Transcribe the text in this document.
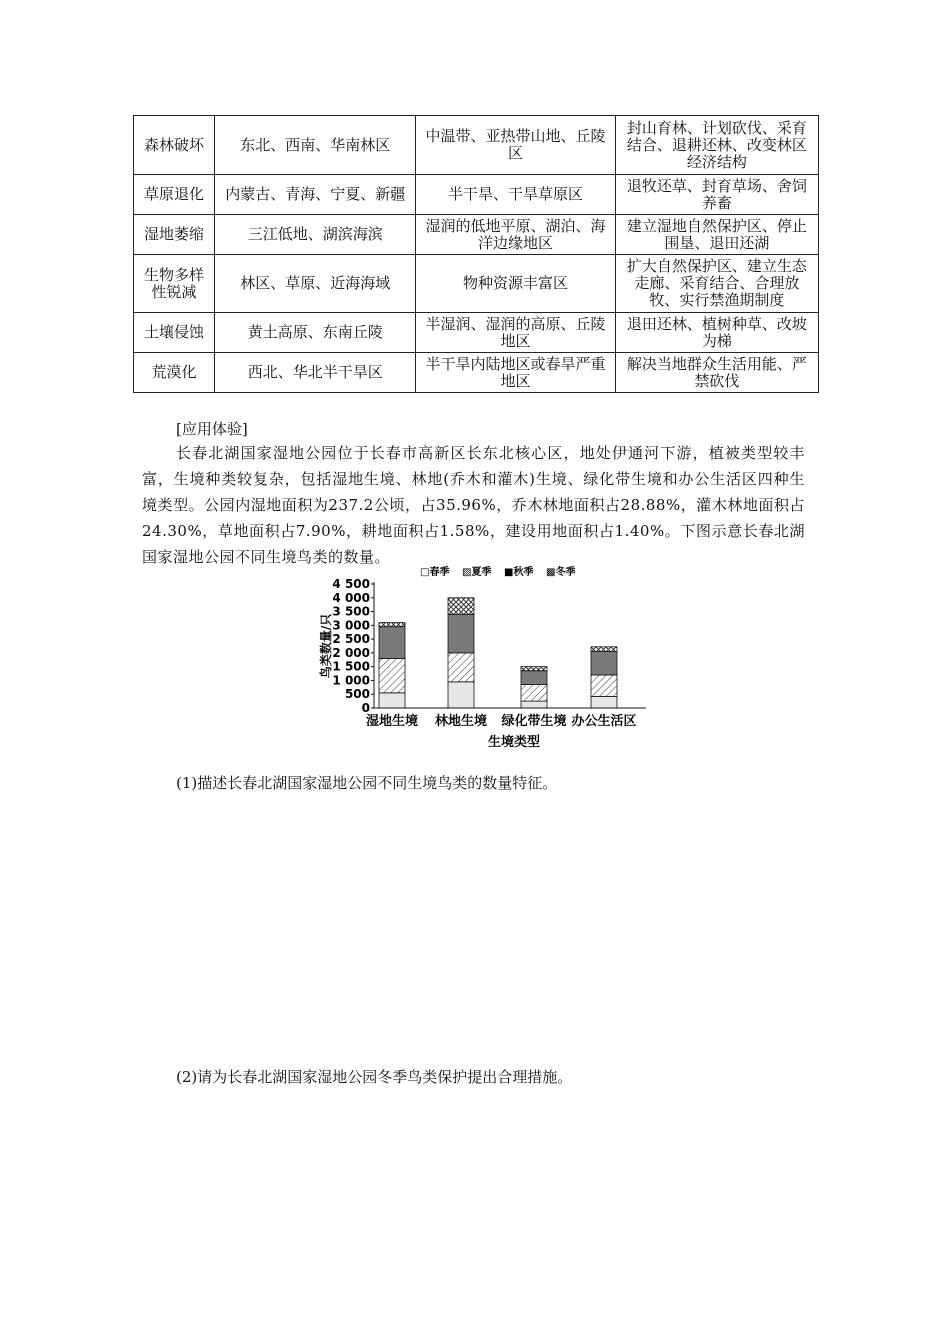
森林破坏	东北、西南、华南林区	中温带、亚热带山地、丘陵区	封山育林、计划砍伐、采育结合、退耕还林、改变林区经济结构
草原退化	内蒙古、青海、宁夏、新疆	半干旱、干旱草原区	退牧还草、封育草场、舍饲养畜
湿地萎缩	三江低地、湖滨海滨	湿润的低地平原、湖泊、海洋边缘地区	建立湿地自然保护区、停止围垦、退田还湖
生物多样性锐减	林区、草原、近海海域	物种资源丰富区	扩大自然保护区、建立生态走廊、采育结合、合理放牧、实行禁渔期制度
土壤侵蚀	黄土高原、东南丘陵	半湿润、湿润的高原、丘陵地区	退田还林、植树种草、改坡为梯
荒漠化	西北、华北半干旱区	半干旱内陆地区或春旱严重地区	解决当地群众生活用能、严禁砍伐
[应用体验]
长春北湖国家湿地公园位于长春市高新区长东北核心区，地处伊通河下游，植被类型较丰富，生境种类较复杂，包括湿地生境、林地(乔木和灌木)生境、绿化带生境和办公生活区四种生境类型。公园内湿地面积为237.2公顷，占35.96%，乔木林地面积占28.88%，灌木林地面积占24.30%，草地面积占7.90%，耕地面积占1.58%，建设用地面积占1.40%。下图示意长春北湖国家湿地公园不同生境鸟类的数量。
□春季 ▨夏季 ■秋季 ▩冬季
0
500
1 000
1 500
2 000
2 500
3 000
3 500
4 000
4 500
湿地生境 林地生境 绿化带生境 办公生活区
鸟类数量/只
生境类型
(1)描述长春北湖国家湿地公园不同生境鸟类的数量特征。
(2)请为长春北湖国家湿地公园冬季鸟类保护提出合理措施。
